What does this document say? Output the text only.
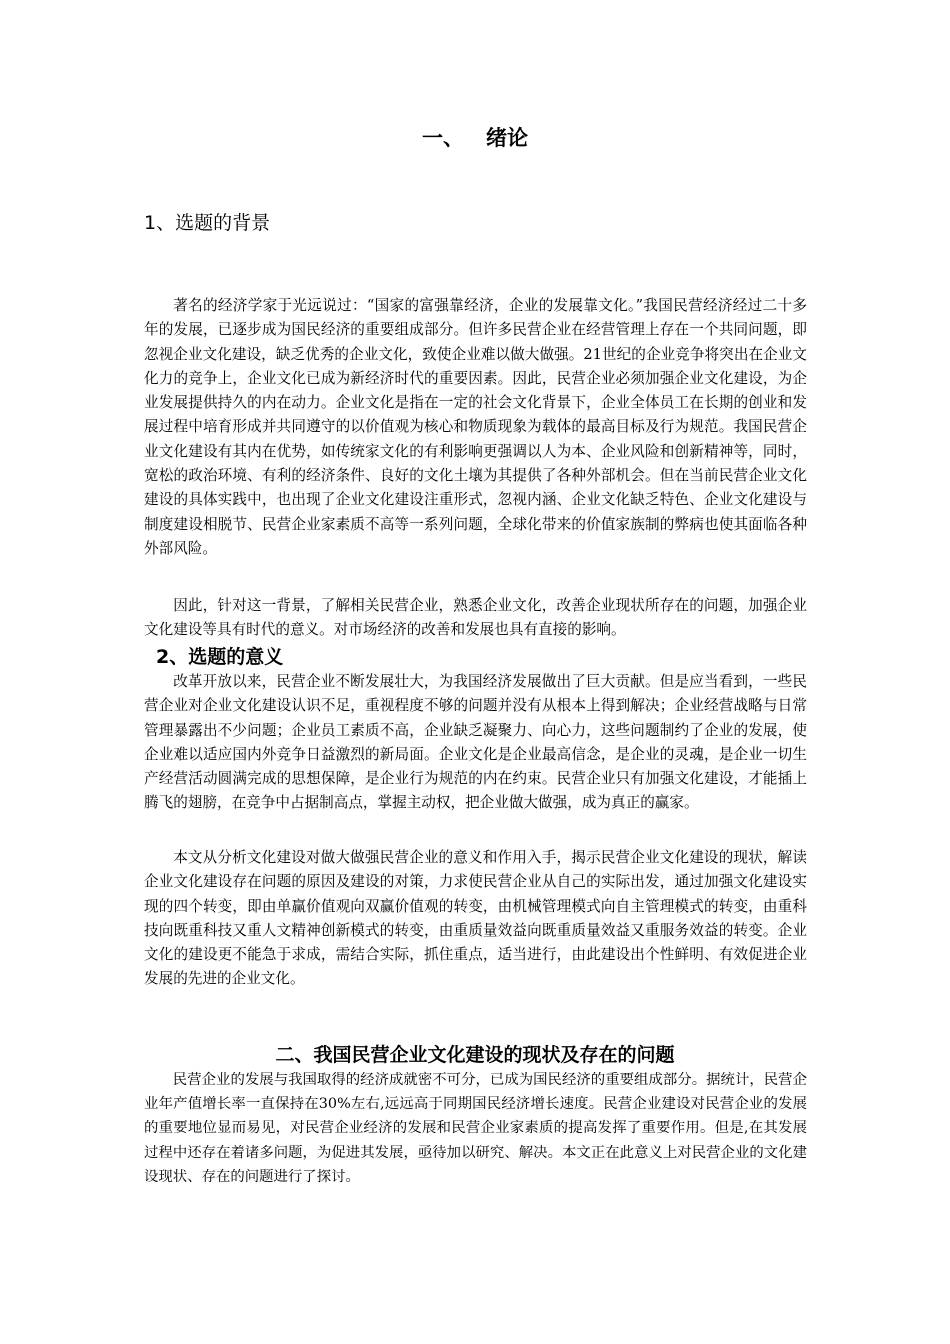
一、   绪论
1、选题的背景

著名的经济学家于光远说过：“国家的富强靠经济，企业的发展靠文化。”我国民营经济经过二十多年的发展，已逐步成为国民经济的重要组成部分。但许多民营企业在经营管理上存在一个共同问题，即忽视企业文化建设，缺乏优秀的企业文化，致使企业难以做大做强。21世纪的企业竞争将突出在企业文化力的竞争上，企业文化已成为新经济时代的重要因素。因此，民营企业必须加强企业文化建设，为企业发展提供持久的内在动力。企业文化是指在一定的社会文化背景下，企业全体员工在长期的创业和发展过程中培育形成并共同遵守的以价值观为核心和物质现象为载体的最高目标及行为规范。我国民营企业文化建设有其内在优势，如传统家文化的有利影响更强调以人为本、企业风险和创新精神等，同时，宽松的政治环境、有利的经济条件、良好的文化土壤为其提供了各种外部机会。但在当前民营企业文化建设的具体实践中，也出现了企业文化建设注重形式，忽视内涵、企业文化缺乏特色、企业文化建设与制度建设相脱节、民营企业家素质不高等一系列问题，全球化带来的价值家族制的弊病也使其面临各种外部风险。

因此，针对这一背景，了解相关民营企业，熟悉企业文化，改善企业现状所存在的问题，加强企业文化建设等具有时代的意义。对市场经济的改善和发展也具有直接的影响。

2、选题的意义

改革开放以来，民营企业不断发展壮大，为我国经济发展做出了巨大贡献。但是应当看到，一些民营企业对企业文化建设认识不足，重视程度不够的问题并没有从根本上得到解决；企业经营战略与日常管理暴露出不少问题；企业员工素质不高，企业缺乏凝聚力、向心力，这些问题制约了企业的发展，使企业难以适应国内外竞争日益激烈的新局面。企业文化是企业最高信念，是企业的灵魂，是企业一切生产经营活动圆满完成的思想保障，是企业行为规范的内在约束。民营企业只有加强文化建设，才能插上腾飞的翅膀，在竞争中占据制高点，掌握主动权，把企业做大做强，成为真正的赢家。

本文从分析文化建设对做大做强民营企业的意义和作用入手，揭示民营企业文化建设的现状，解读企业文化建设存在问题的原因及建设的对策，力求使民营企业从自己的实际出发，通过加强文化建设实现的四个转变，即由单赢价值观向双赢价值观的转变，由机械管理模式向自主管理模式的转变，由重科技向既重科技又重人文精神创新模式的转变，由重质量效益向既重质量效益又重服务效益的转变。企业文化的建设更不能急于求成，需结合实际，抓住重点，适当进行，由此建设出个性鲜明、有效促进企业发展的先进的企业文化。

二、我国民营企业文化建设的现状及存在的问题

民营企业的发展与我国取得的经济成就密不可分，已成为国民经济的重要组成部分。据统计，民营企业年产值增长率一直保持在30%左右,远远高于同期国民经济增长速度。民营企业建设对民营企业的发展的重要地位显而易见，对民营企业经济的发展和民营企业家素质的提高发挥了重要作用。但是,在其发展过程中还存在着诸多问题，为促进其发展，亟待加以研究、解决。本文正在此意义上对民营企业的文化建设现状、存在的问题进行了探讨。
